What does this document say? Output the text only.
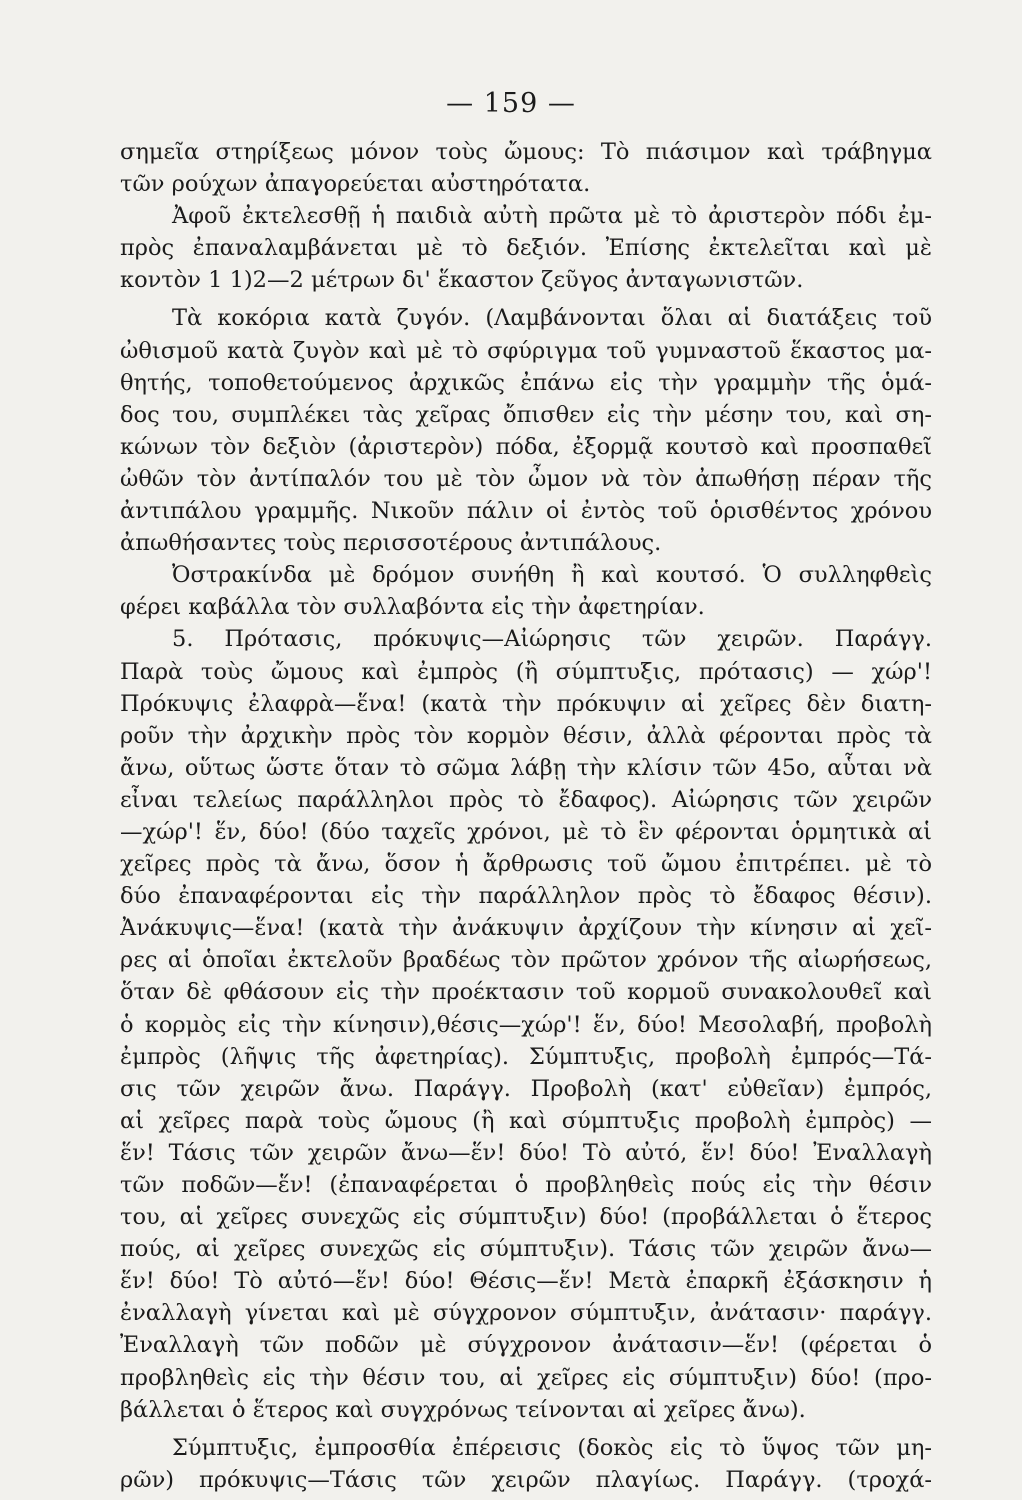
— 159 —
σημεῖα στηρίξεως μόνον τοὺς ὤμους: Τὸ πιάσιμον καὶ τράβηγμα
τῶν ρούχων ἀπαγορεύεται αὐστηρότατα.
Ἀφοῦ ἐκτελεσθῇ ἡ παιδιὰ αὐτὴ πρῶτα μὲ τὸ ἀριστερὸν πόδι ἐμ-
πρὸς ἐπαναλαμβάνεται μὲ τὸ δεξιόν. Ἐπίσης ἐκτελεῖται καὶ μὲ
κοντὸν 1 1)2—2 μέτρων δι' ἕκαστον ζεῦγος ἀνταγωνιστῶν.
Τὰ κοκόρια κατὰ ζυγόν. (Λαμβάνονται ὅλαι αἱ διατάξεις τοῦ
ὠθισμοῦ κατὰ ζυγὸν καὶ μὲ τὸ σφύριγμα τοῦ γυμναστοῦ ἕκαστος μα-
θητής, τοποθετούμενος ἀρχικῶς ἐπάνω εἰς τὴν γραμμὴν τῆς ὁμά-
δος του, συμπλέκει τὰς χεῖρας ὄπισθεν εἰς τὴν μέσην του, καὶ ση-
κώνων τὸν δεξιὸν (ἀριστερὸν) πόδα, ἐξορμᾷ κουτσὸ καὶ προσπαθεῖ
ὠθῶν τὸν ἀντίπαλόν του μὲ τὸν ὦμον νὰ τὸν ἀπωθήσῃ πέραν τῆς
ἀντιπάλου γραμμῆς. Νικοῦν πάλιν οἱ ἐντὸς τοῦ ὁρισθέντος χρόνου
ἀπωθήσαντες τοὺς περισσοτέρους ἀντιπάλους.
Ὀστρακίνδα μὲ δρόμον συνήθη ἢ καὶ κουτσό. Ὁ συλληφθεὶς
φέρει καβάλλα τὸν συλλαβόντα εἰς τὴν ἀφετηρίαν.
5. Πρότασις, πρόκυψις—Αἰώρησις τῶν χειρῶν. Παράγγ.
Παρὰ τοὺς ὤμους καὶ ἐμπρὸς (ἢ σύμπτυξις, πρότασις) — χώρ'!
Πρόκυψις ἐλαφρὰ—ἕνα! (κατὰ τὴν πρόκυψιν αἱ χεῖρες δὲν διατη-
ροῦν τὴν ἀρχικὴν πρὸς τὸν κορμὸν θέσιν, ἀλλὰ φέρονται πρὸς τὰ
ἄνω, οὕτως ὥστε ὅταν τὸ σῶμα λάβῃ τὴν κλίσιν τῶν 45ο, αὗται νὰ
εἶναι τελείως παράλληλοι πρὸς τὸ ἔδαφος). Αἰώρησις τῶν χειρῶν
—χώρ'! ἕν, δύο! (δύο ταχεῖς χρόνοι, μὲ τὸ ἓν φέρονται ὁρμητικὰ αἱ
χεῖρες πρὸς τὰ ἄνω, ὅσον ἡ ἄρθρωσις τοῦ ὤμου ἐπιτρέπει. μὲ τὸ
δύο ἐπαναφέρονται εἰς τὴν παράλληλον πρὸς τὸ ἔδαφος θέσιν).
Ἀνάκυψις—ἕνα! (κατὰ τὴν ἀνάκυψιν ἀρχίζουν τὴν κίνησιν αἱ χεῖ-
ρες αἱ ὁποῖαι ἐκτελοῦν βραδέως τὸν πρῶτον χρόνον τῆς αἰωρήσεως,
ὅταν δὲ φθάσουν εἰς τὴν προέκτασιν τοῦ κορμοῦ συνακολουθεῖ καὶ
ὁ κορμὸς εἰς τὴν κίνησιν),θέσις—χώρ'! ἕν, δύο! Μεσολαβή, προβολὴ
ἐμπρὸς (λῆψις τῆς ἀφετηρίας). Σύμπτυξις, προβολὴ ἐμπρός—Τά-
σις τῶν χειρῶν ἄνω. Παράγγ. Προβολὴ (κατ' εὐθεῖαν) ἐμπρός,
αἱ χεῖρες παρὰ τοὺς ὤμους (ἢ καὶ σύμπτυξις προβολὴ ἐμπρὸς) —
ἕν! Τάσις τῶν χειρῶν ἄνω—ἕν! δύο! Τὸ αὐτό, ἕν! δύο! Ἐναλλαγὴ
τῶν ποδῶν—ἕν! (ἐπαναφέρεται ὁ προβληθεὶς πούς εἰς τὴν θέσιν
του, αἱ χεῖρες συνεχῶς εἰς σύμπτυξιν) δύο! (προβάλλεται ὁ ἕτερος
πούς, αἱ χεῖρες συνεχῶς εἰς σύμπτυξιν). Τάσις τῶν χειρῶν ἄνω—
ἕν! δύο! Τὸ αὐτό—ἕν! δύο! Θέσις—ἕν! Μετὰ ἐπαρκῆ ἐξάσκησιν ἡ
ἐναλλαγὴ γίνεται καὶ μὲ σύγχρονον σύμπτυξιν, ἀνάτασιν· παράγγ.
Ἐναλλαγὴ τῶν ποδῶν μὲ σύγχρονον ἀνάτασιν—ἕν! (φέρεται ὁ
προβληθεὶς εἰς τὴν θέσιν του, αἱ χεῖρες εἰς σύμπτυξιν) δύο! (προ-
βάλλεται ὁ ἕτερος καὶ συγχρόνως τείνονται αἱ χεῖρες ἄνω).
Σύμπτυξις, ἐμπροσθία ἐπέρεισις (δοκὸς εἰς τὸ ὕψος τῶν μη-
ρῶν) πρόκυψις—Τάσις τῶν χειρῶν πλαγίως. Παράγγ. (τροχά-
